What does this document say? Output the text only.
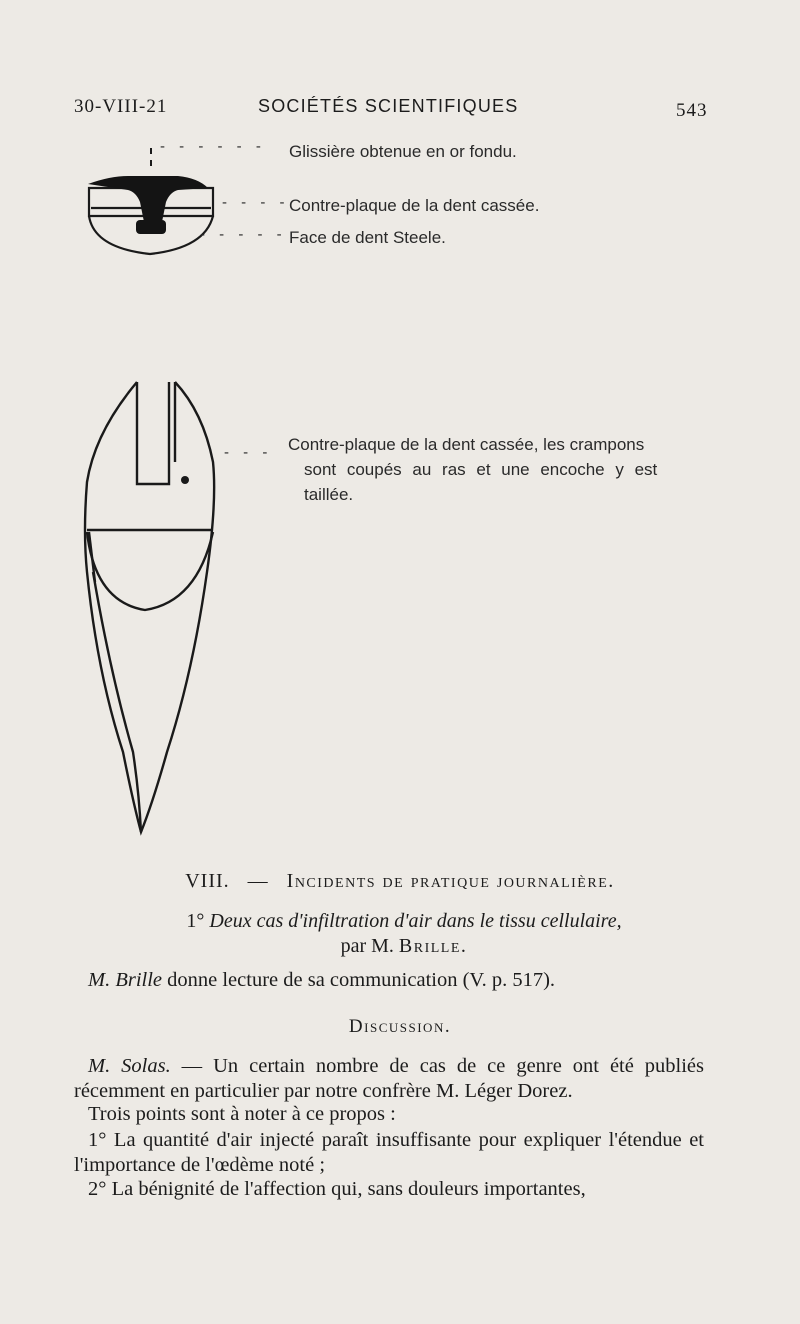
30-VIII-21	SOCIÉTÉS SCIENTIFIQUES	543
- - - - - - Glissière obtenue en or fondu.
- - - - Contre-plaque de la dent cassée.
- - - - - Face de dent Steele.
- - - Contre-plaque de la dent cassée, les crampons
sont coupés au ras et une encoche y est
taillée.
VIII. — Incidents de pratique journalière.
1° Deux cas d'infiltration d'air dans le tissu cellulaire,
par M. Brille.
M. Brille donne lecture de sa communication (V. p. 517).
Discussion.
M. Solas. — Un certain nombre de cas de ce genre ont été publiés récemment en particulier par notre confrère M. Léger Dorez.
Trois points sont à noter à ce propos :
1° La quantité d'air injecté paraît insuffisante pour expliquer l'étendue et l'importance de l'œdème noté ;
2° La bénignité de l'affection qui, sans douleurs importantes,
